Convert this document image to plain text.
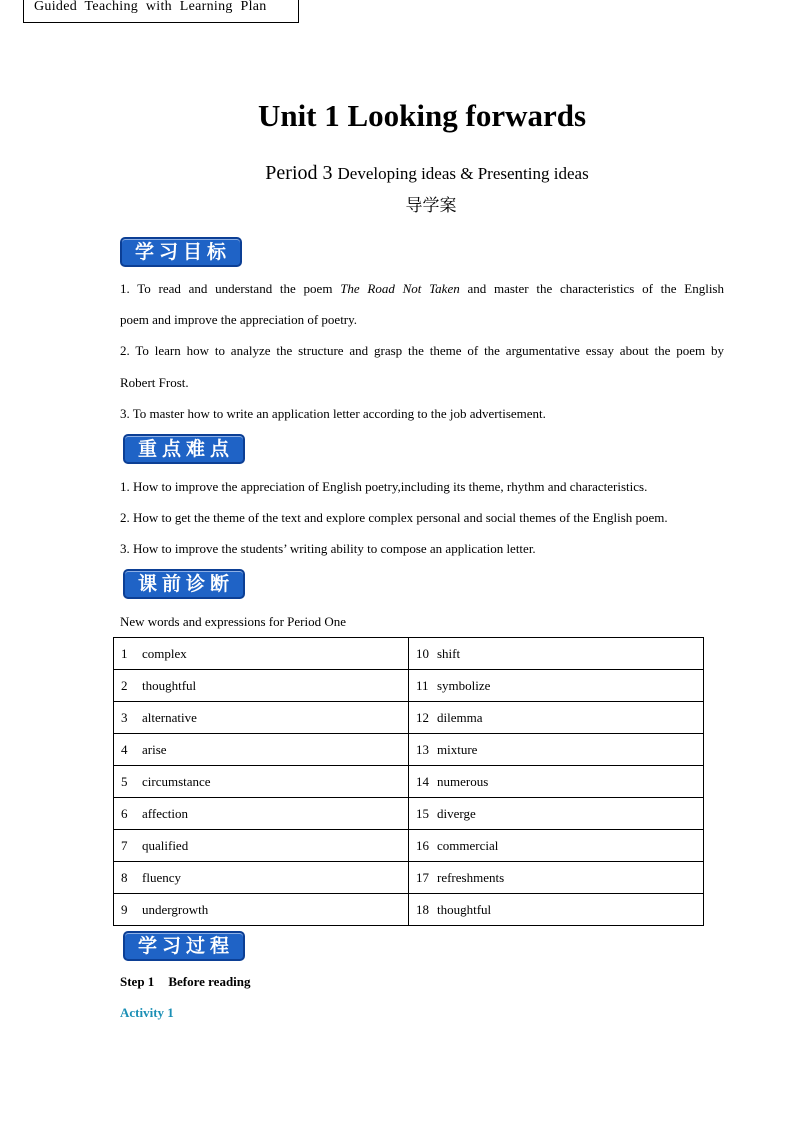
Guided Teaching with Learning Plan
Unit 1 Looking forwards
Period 3 Developing ideas & Presenting ideas
导学案
学习目标

1. To read and understand the poem The Road Not Taken and master the characteristics of the English

poem and improve the appreciation of poetry.

2. To learn how to analyze the structure and grasp the theme of the argumentative essay about the poem by

Robert Frost.

3. To master how to write an application letter according to the job advertisement.

重点难点

1. How to improve the appreciation of English poetry,including its theme, rhythm and characteristics.

2. How to get the theme of the text and explore complex personal and social themes of the English poem.

3. How to improve the students’ writing ability to compose an application letter.

课前诊断

New words and expressions for Period One

1 complex	10 shift
2 thoughtful	11 symbolize
3 alternative	12 dilemma
4 arise	13 mixture
5 circumstance	14 numerous
6 affection	15 diverge
7 qualified	16 commercial
8 fluency	17 refreshments
9 undergrowth	18 thoughtful
学习过程
Step 1 Before reading
Activity 1
